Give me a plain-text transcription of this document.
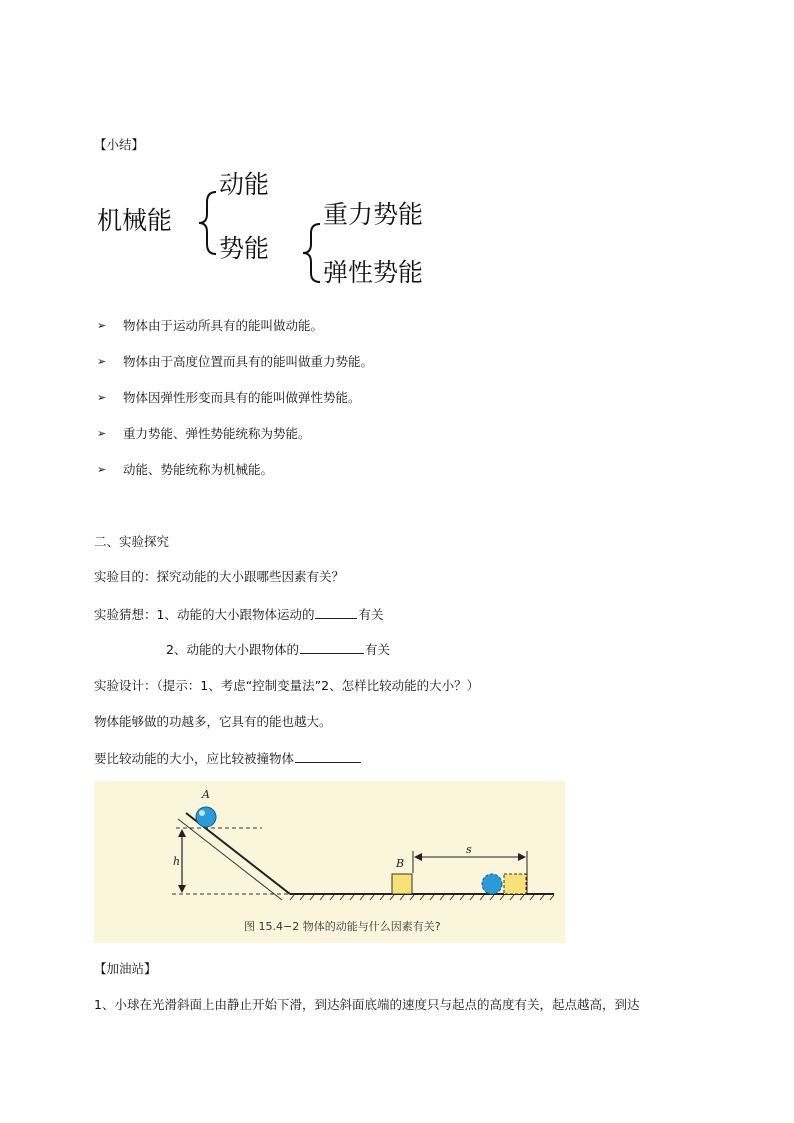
【小结】
机械能
动能
势能
重力势能
弹性势能
➢ 物体由于运动所具有的能叫做动能。
➢ 物体由于高度位置而具有的能叫做重力势能。
➢ 物体因弹性形变而具有的能叫做弹性势能。
➢ 重力势能、弹性势能统称为势能。
➢ 动能、势能统称为机械能。
二、实验探究
实验目的：探究动能的大小跟哪些因素有关？
实验猜想：1、动能的大小跟物体运动的	有关
2、动能的大小跟物体的	有关
实验设计：（提示：1、考虑“控制变量法”2、怎样比较动能的大小？）
物体能够做的功越多，它具有的能也越大。
要比较动能的大小，应比较被撞物体
A
B
h
s
图 15.4−2 物体的动能与什么因素有关?
【加油站】
1、小球在光滑斜面上由静止开始下滑，到达斜面底端的速度只与起点的高度有关，起点越高，到达
